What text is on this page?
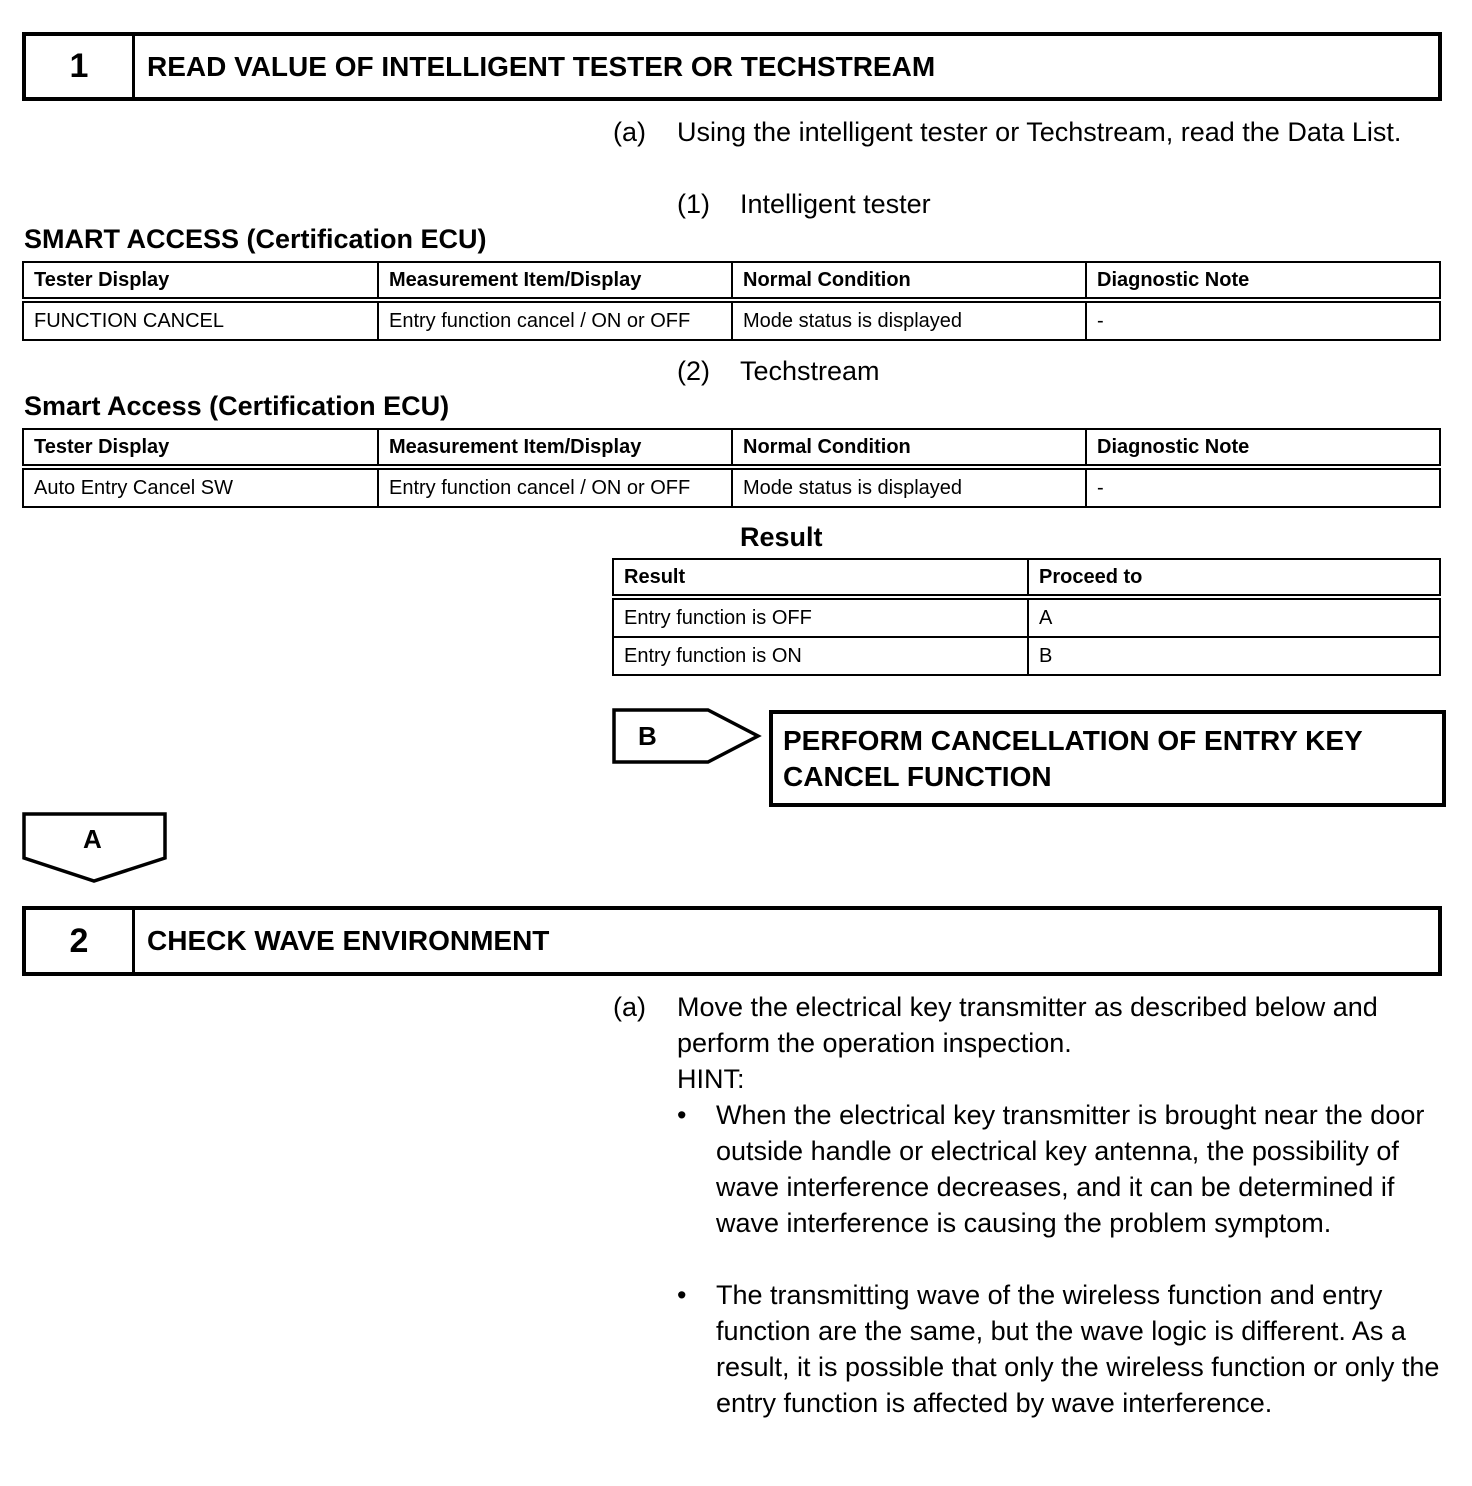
1	READ VALUE OF INTELLIGENT TESTER OR TECHSTREAM
(a) Using the intelligent tester or Techstream, read the Data List.
(1) Intelligent tester
SMART ACCESS (Certification ECU)
Tester Display	Measurement Item/Display	Normal Condition	Diagnostic Note
FUNCTION CANCEL	Entry function cancel / ON or OFF	Mode status is displayed	-
(2) Techstream
Smart Access (Certification ECU)
Tester Display	Measurement Item/Display	Normal Condition	Diagnostic Note
Auto Entry Cancel SW	Entry function cancel / ON or OFF	Mode status is displayed	-
Result
Result	Proceed to
Entry function is OFF	A
Entry function is ON	B
B	PERFORM CANCELLATION OF ENTRY KEY CANCEL FUNCTION
A
2	CHECK WAVE ENVIRONMENT
(a) Move the electrical key transmitter as described below and perform the operation inspection.
HINT:
• When the electrical key transmitter is brought near the door outside handle or electrical key antenna, the possibility of wave interference decreases, and it can be determined if wave interference is causing the problem symptom.
• The transmitting wave of the wireless function and entry function are the same, but the wave logic is different. As a result, it is possible that only the wireless function or only the entry function is affected by wave interference.
